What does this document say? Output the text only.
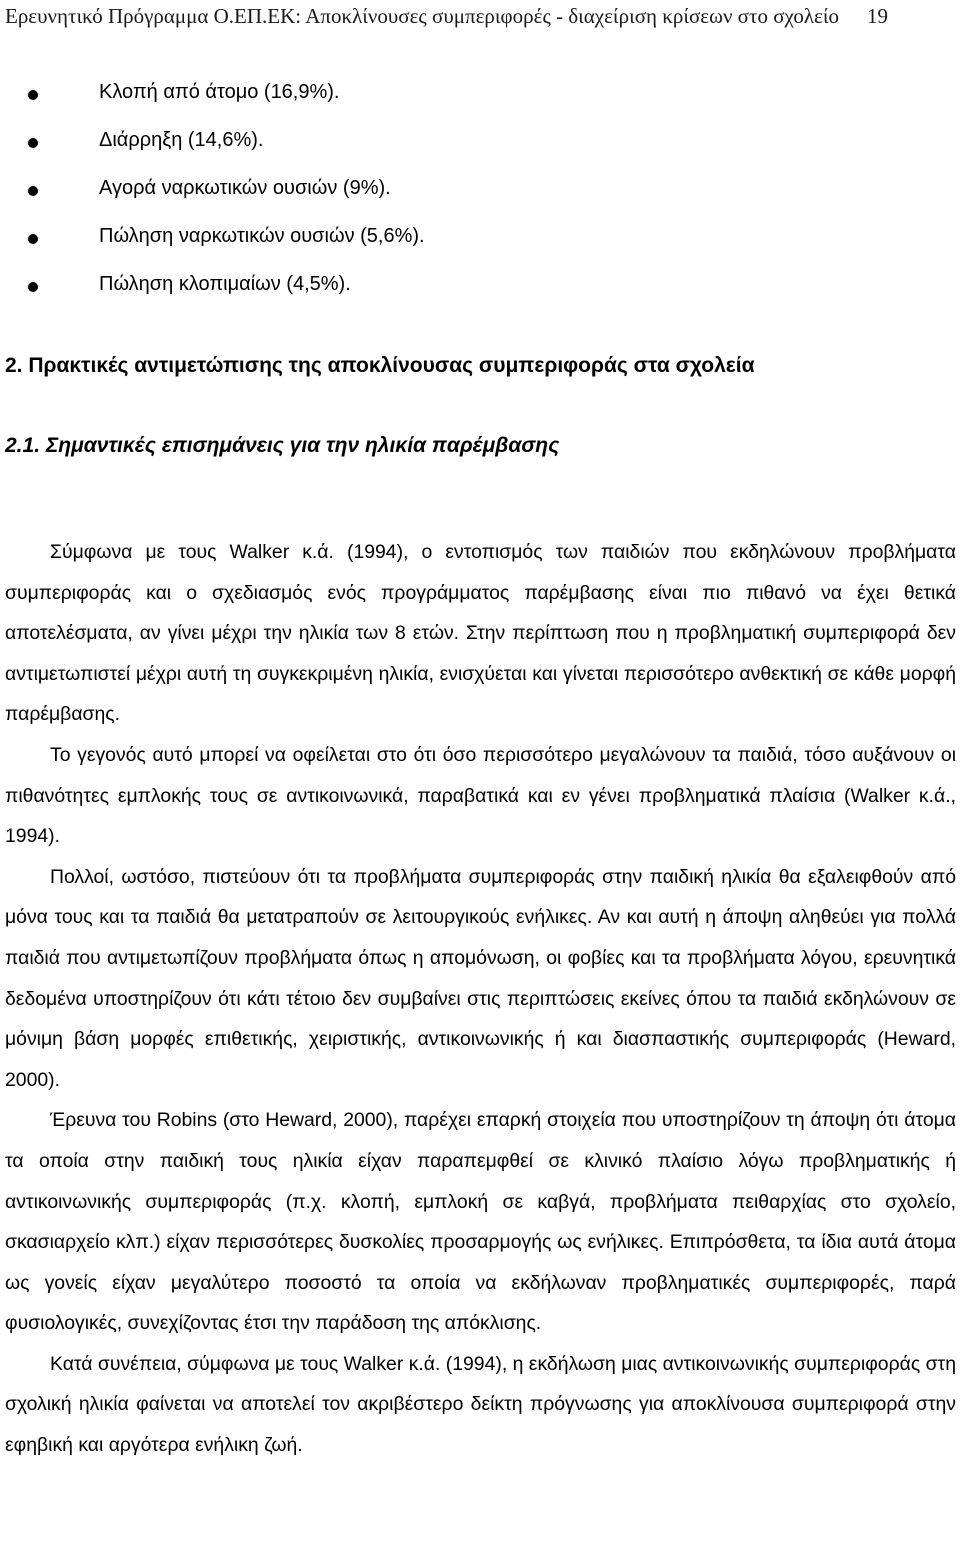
Ερευνητικό Πρόγραμμα Ο.ΕΠ.ΕΚ: Αποκλίνουσες συμπεριφορές - διαχείριση κρίσεων στο σχολείο 19
Κλοπή από άτομο (16,9%).
Διάρρηξη (14,6%).
Αγορά ναρκωτικών ουσιών (9%).
Πώληση ναρκωτικών ουσιών (5,6%).
Πώληση κλοπιμαίων (4,5%).
2. Πρακτικές αντιμετώπισης της αποκλίνουσας συμπεριφοράς στα σχολεία
2.1. Σημαντικές επισημάνεις για την ηλικία παρέμβασης

Σύμφωνα με τους Walker κ.ά. (1994), ο εντοπισμός των παιδιών που εκδηλώνουν προβλήματα συμπεριφοράς και ο σχεδιασμός ενός προγράμματος παρέμβασης είναι πιο πιθανό να έχει θετικά αποτελέσματα, αν γίνει μέχρι την ηλικία των 8 ετών. Στην περίπτωση που η προβληματική συμπεριφορά δεν αντιμετωπιστεί μέχρι αυτή τη συγκεκριμένη ηλικία, ενισχύεται και γίνεται περισσότερο ανθεκτική σε κάθε μορφή παρέμβασης.

Το γεγονός αυτό μπορεί να οφείλεται στο ότι όσο περισσότερο μεγαλώνουν τα παιδιά, τόσο αυξάνουν οι πιθανότητες εμπλοκής τους σε αντικοινωνικά, παραβατικά και εν γένει προβληματικά πλαίσια (Walker κ.ά., 1994).

Πολλοί, ωστόσο, πιστεύουν ότι τα προβλήματα συμπεριφοράς στην παιδική ηλικία θα εξαλειφθούν από μόνα τους και τα παιδιά θα μετατραπούν σε λειτουργικούς ενήλικες. Αν και αυτή η άποψη αληθεύει για πολλά παιδιά που αντιμετωπίζουν προβλήματα όπως η απομόνωση, οι φοβίες και τα προβλήματα λόγου, ερευνητικά δεδομένα υποστηρίζουν ότι κάτι τέτοιο δεν συμβαίνει στις περιπτώσεις εκείνες όπου τα παιδιά εκδηλώνουν σε μόνιμη βάση μορφές επιθετικής, χειριστικής, αντικοινωνικής ή και διασπαστικής συμπεριφοράς (Heward, 2000).

Έρευνα του Robins (στο Heward, 2000), παρέχει επαρκή στοιχεία που υποστηρίζουν τη άποψη ότι άτομα τα οποία στην παιδική τους ηλικία είχαν παραπεμφθεί σε κλινικό πλαίσιο λόγω προβληματικής ή αντικοινωνικής συμπεριφοράς (π.χ. κλοπή, εμπλοκή σε καβγά, προβλήματα πειθαρχίας στο σχολείο, σκασιαρχείο κλπ.) είχαν περισσότερες δυσκολίες προσαρμογής ως ενήλικες. Επιπρόσθετα, τα ίδια αυτά άτομα ως γονείς είχαν μεγαλύτερο ποσοστό τα οποία να εκδήλωναν προβληματικές συμπεριφορές, παρά φυσιολογικές, συνεχίζοντας έτσι την παράδοση της απόκλισης.

Κατά συνέπεια, σύμφωνα με τους Walker κ.ά. (1994), η εκδήλωση μιας αντικοινωνικής συμπεριφοράς στη σχολική ηλικία φαίνεται να αποτελεί τον ακριβέστερο δείκτη πρόγνωσης για αποκλίνουσα συμπεριφορά στην εφηβική και αργότερα ενήλικη ζωή.
